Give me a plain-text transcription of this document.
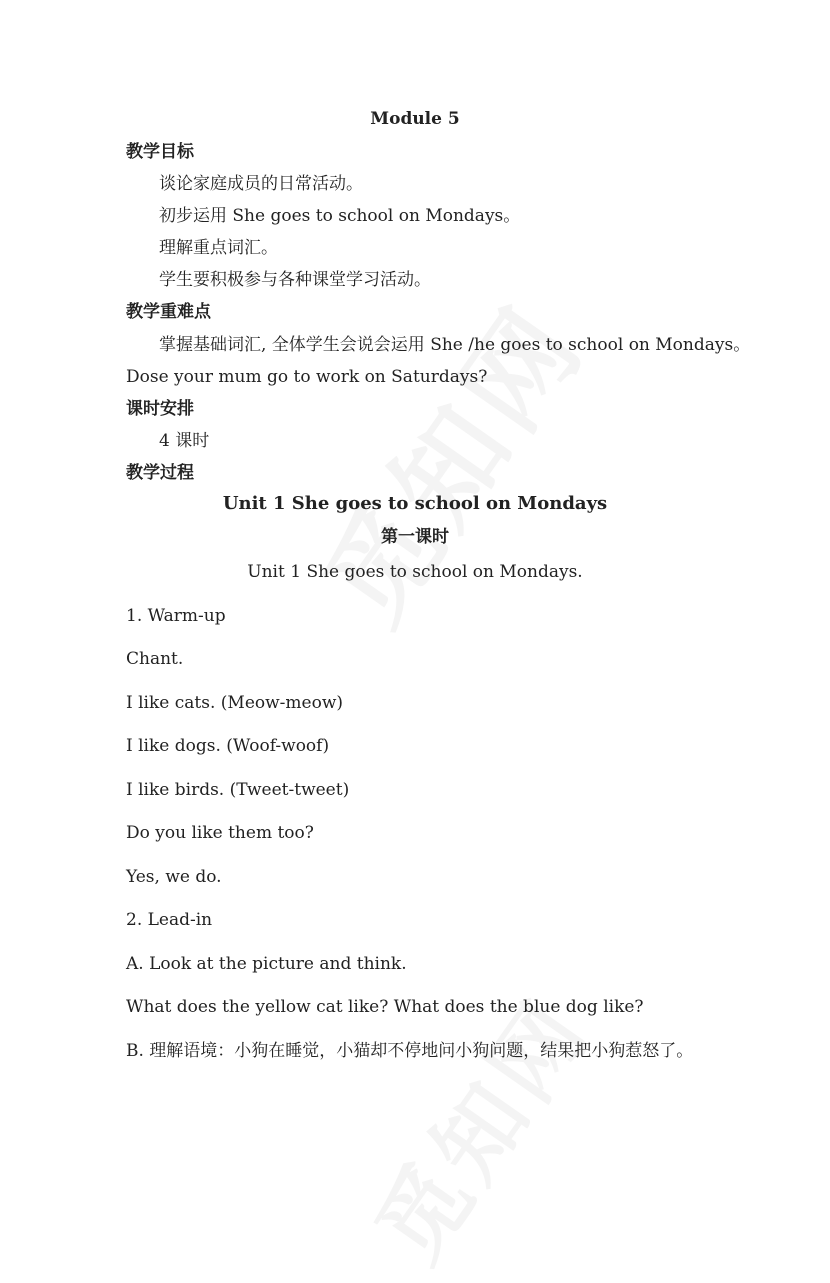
Module 5
教学目标
谈论家庭成员的日常活动。
初步运用 She goes to school on Mondays。
理解重点词汇。
学生要积极参与各种课堂学习活动。
教学重难点
掌握基础词汇, 全体学生会说会运用 She /he goes to school on Mondays。
Dose your mum go to work on Saturdays?
课时安排
4 课时
教学过程
Unit 1 She goes to school on Mondays
第一课时
Unit 1 She goes to school on Mondays.
1. Warm-up
Chant.
I like cats. (Meow-meow)
I like dogs. (Woof-woof)
I like birds. (Tweet-tweet)
Do you like them too?
Yes, we do.
2. Lead-in
A. Look at the picture and think.
What does the yellow cat like? What does the blue dog like?
B. 理解语境：小狗在睡觉，小猫却不停地问小狗问题，结果把小狗惹怒了。
